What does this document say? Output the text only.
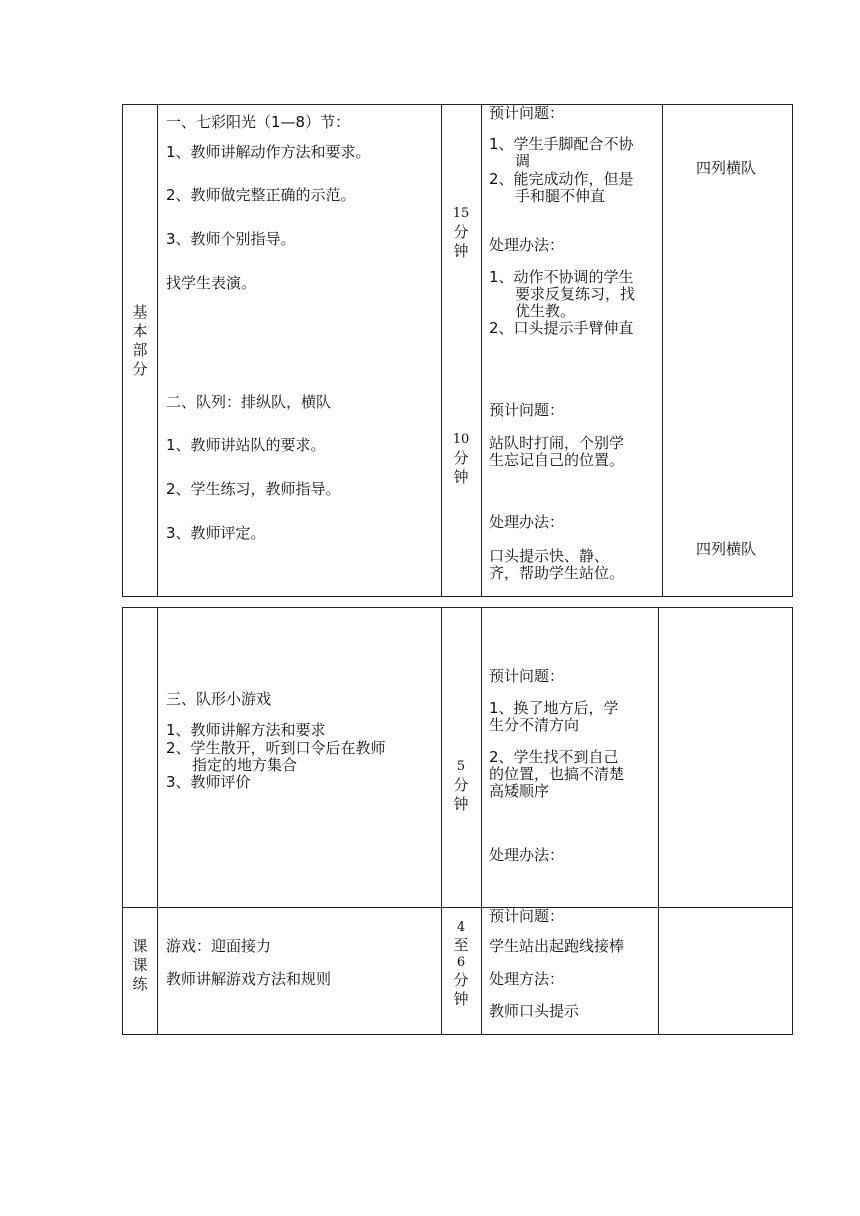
基
本
部
分
一、七彩阳光（1—8）节：
1、教师讲解动作方法和要求。
2、教师做完整正确的示范。
3、教师个别指导。
找学生表演。
二、队列：排纵队，横队
1、教师讲站队的要求。
2、学生练习，教师指导。
3、教师评定。
15
分
钟
10
分
钟
预计问题：
1、学生手脚配合不协
调
2、能完成动作，但是
手和腿不伸直
处理办法：
1、动作不协调的学生
要求反复练习，找
优生教。
2、口头提示手臂伸直
预计问题：
站队时打闹，个别学
生忘记自己的位置。
处理办法：
口头提示快、静、
齐，帮助学生站位。
四列横队
四列横队
三、队形小游戏
1、教师讲解方法和要求
2、学生散开，听到口令后在教师
指定的地方集合
3、教师评价
5
分
钟
预计问题：
1、换了地方后，学
生分不清方向
2、学生找不到自己
的位置，也搞不清楚
高矮顺序
处理办法：
课
课
练
游戏：迎面接力
教师讲解游戏方法和规则
4
至
6
分
钟
预计问题：
学生站出起跑线接棒
处理方法：
教师口头提示
